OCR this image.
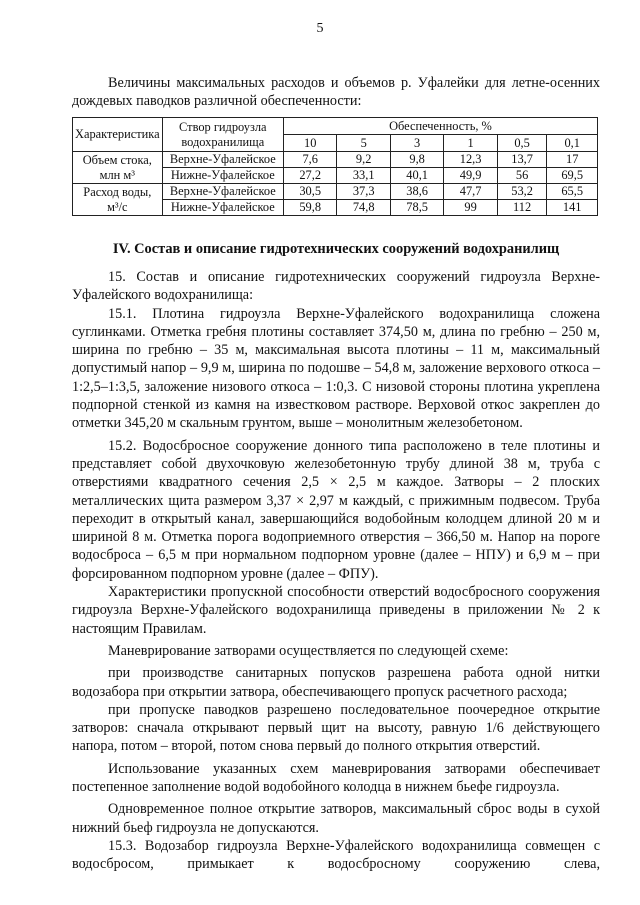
5
Величины максимальных расходов и объемов р. Уфалейки для летне-осенних дождевых паводков различной обеспеченности:
Характеристика	Створ гидроузла водохранилища	Обеспеченность, %					
		10	5	3	1	0,5	0,1
Объем стока, млн м³	Верхне-Уфалейское	7,6	9,2	9,8	12,3	13,7	17
	Нижне-Уфалейское	27,2	33,1	40,1	49,9	56	69,5
Расход воды, м³/с	Верхне-Уфалейское	30,5	37,3	38,6	47,7	53,2	65,5
	Нижне-Уфалейское	59,8	74,8	78,5	99	112	141
IV. Состав и описание гидротехнических сооружений водохранилищ

15. Состав и описание гидротехнических сооружений гидроузла Верхне-Уфалейского водохранилища:

15.1. Плотина гидроузла Верхне-Уфалейского водохранилища сложена суглинками. Отметка гребня плотины составляет 374,50 м, длина по гребню – 250 м, ширина по гребню – 35 м, максимальная высота плотины – 11 м, максимальный допустимый напор – 9,9 м, ширина по подошве – 54,8 м, заложение верхового откоса – 1:2,5–1:3,5, заложение низового откоса – 1:0,3. С низовой стороны плотина укреплена подпорной стенкой из камня на известковом растворе. Верховой откос закреплен до отметки 345,20 м скальным грунтом, выше – монолитным железобетоном.

15.2. Водосбросное сооружение донного типа расположено в теле плотины и представляет собой двухочковую железобетонную трубу длиной 38 м, труба с отверстиями квадратного сечения 2,5 × 2,5 м каждое. Затворы – 2 плоских металлических щита размером 3,37 × 2,97 м каждый, с прижимным подвесом. Труба переходит в открытый канал, завершающийся водобойным колодцем длиной 20 м и шириной 8 м. Отметка порога водоприемного отверстия – 366,50 м. Напор на пороге водосброса – 6,5 м при нормальном подпорном уровне (далее – НПУ) и 6,9 м – при форсированном подпорном уровне (далее – ФПУ).

Характеристики пропускной способности отверстий водосбросного сооружения гидроузла Верхне-Уфалейского водохранилища приведены в приложении № 2 к настоящим Правилам.

Маневрирование затворами осуществляется по следующей схеме:

при производстве санитарных попусков разрешена работа одной нитки водозабора при открытии затвора, обеспечивающего пропуск расчетного расхода;

при пропуске паводков разрешено последовательное поочередное открытие затворов: сначала открывают первый щит на высоту, равную 1/6 действующего напора, потом – второй, потом снова первый до полного открытия отверстий.

Использование указанных схем маневрирования затворами обеспечивает постепенное заполнение водой водобойного колодца в нижнем бьефе гидроузла.

Одновременное полное открытие затворов, максимальный сброс воды в сухой нижний бьеф гидроузла не допускаются.

15.3. Водозабор гидроузла Верхне-Уфалейского водохранилища совмещен с водосбросом, примыкает к водосбросному сооружению слева,
